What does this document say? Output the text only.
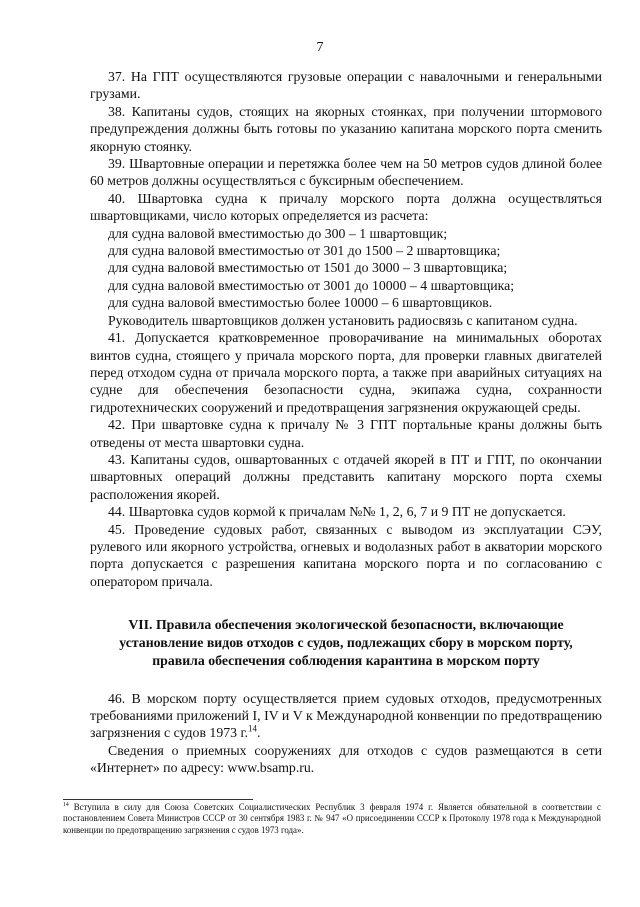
7

37. На ГПТ осуществляются грузовые операции с навалочными и генеральными грузами.

38. Капитаны судов, стоящих на якорных стоянках, при получении штормового предупреждения должны быть готовы по указанию капитана морского порта сменить якорную стоянку.

39. Швартовные операции и перетяжка более чем на 50 метров судов длиной более 60 метров должны осуществляться с буксирным обеспечением.

40. Швартовка судна к причалу морского порта должна осуществляться швартовщиками, число которых определяется из расчета:

для судна валовой вместимостью до 300 – 1 швартовщик;

для судна валовой вместимостью от 301 до 1500 – 2 швартовщика;

для судна валовой вместимостью от 1501 до 3000 – 3 швартовщика;

для судна валовой вместимостью от 3001 до 10000 – 4 швартовщика;

для судна валовой вместимостью более 10000 – 6 швартовщиков.

Руководитель швартовщиков должен установить радиосвязь с капитаном судна.

41. Допускается кратковременное проворачивание на минимальных оборотах винтов судна, стоящего у причала морского порта, для проверки главных двигателей перед отходом судна от причала морского порта, а также при аварийных ситуациях на судне для обеспечения безопасности судна, экипажа судна, сохранности гидротехнических сооружений и предотвращения загрязнения окружающей среды.

42. При швартовке судна к причалу № 3 ГПТ портальные краны должны быть отведены от места швартовки судна.

43. Капитаны судов, ошвартованных с отдачей якорей в ПТ и ГПТ, по окончании швартовных операций должны представить капитану морского порта схемы расположения якорей.

44. Швартовка судов кормой к причалам №№ 1, 2, 6, 7 и 9 ПТ не допускается.

45. Проведение судовых работ, связанных с выводом из эксплуатации СЭУ, рулевого или якорного устройства, огневых и водолазных работ в акватории морского порта допускается с разрешения капитана морского порта и по согласованию с оператором причала.

VII. Правила обеспечения экологической безопасности, включающие
установление видов отходов с судов, подлежащих сбору в морском порту,
правила обеспечения соблюдения карантина в морском порту

46. В морском порту осуществляется прием судовых отходов, предусмотренных требованиями приложений I, IV и V к Международной конвенции по предотвращению загрязнения с судов 1973 г.$^{14}$.

Сведения о приемных сооружениях для отходов с судов размещаются в сети «Интернет» по адресу: www.bsamp.ru.

$^{14}$ Вступила в силу для Союза Советских Социалистических Республик 3 февраля 1974 г. Является обязательной в соответствии с постановлением Совета Министров СССР от 30 сентября 1983 г. № 947 «О присоединении СССР к Протоколу 1978 года к Международной конвенции по предотвращению загрязнения с судов 1973 года».
